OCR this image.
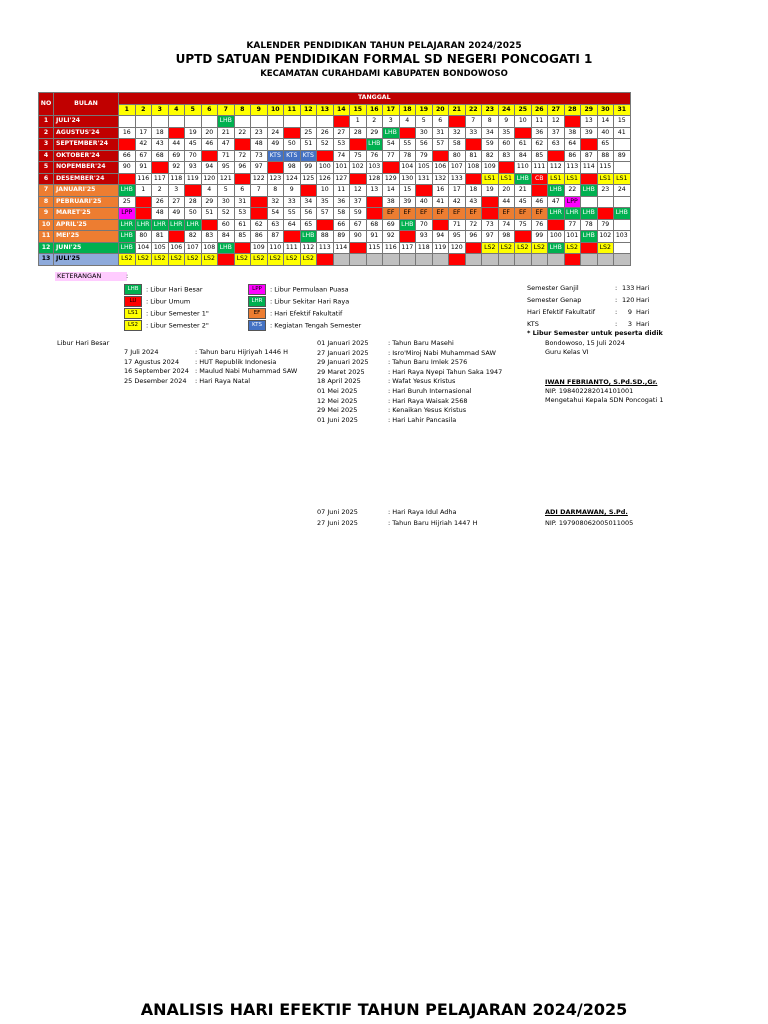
KALENDER PENDIDIKAN TAHUN PELAJARAN 2024/2025
UPTD SATUAN PENDIDIKAN FORMAL SD NEGERI PONCOGATI 1
KECAMATAN CURAHDAMI KABUPATEN BONDOWOSO
NO	BULAN	TANGGAL																														
		1	2	3	4	5	6	7	8	9	10	11	12	13	14	15	16	17	18	19	20	21	22	23	24	25	26	27	28	29	30	31
1	JULI'24							LHB							LU	1	2	3	4	5	6	LU	7	8	9	10	11	12	LU	13	14	15
2	AGUSTUS'24	16	17	18	LU	19	20	21	22	23	24	LU	25	26	27	28	29	LHB	LU	30	31	32	33	34	35	LU	36	37	38	39	40	41
3	SEPTEMBER'24	LU	42	43	44	45	46	47	LU	48	49	50	51	52	53	LU	LHB	54	55	56	57	58	LU	59	60	61	62	63	64	LU	65	
4	OKTOBER'24	66	67	68	69	70	LU	71	72	73	KTS	KTS	KTS	LU	74	75	76	77	78	79	LU	80	81	82	83	84	85	LU	86	87	88	89
5	NOPEMBER'24	90	91	LU	92	93	94	95	96	97	LU	98	99	100	101	102	103	LU	104	105	106	107	108	109	LU	110	111	112	113	114	115	
6	DESEMBER'24	LU	116	117	118	119	120	121	LU	122	123	124	125	126	127	LU	128	129	130	131	132	133	LU	LS1	LS1	LHB	CB	LS1	LS1	LU	LS1	LS1
7	JANUARI'25	LHB	1	2	3	LU	4	5	6	7	8	9	LU	10	11	12	13	14	15	LU	16	17	18	19	20	21	LU	LHB	22	LHB	23	24
8	PEBRUARI'25	25	LU	26	27	28	29	30	31	LU	32	33	34	35	36	37	LU	38	39	40	41	42	43	LU	44	45	46	47	LPP			
9	MARET'25	LPP	LU	48	49	50	51	52	53	LU	54	55	56	57	58	59	LU	EF	EF	EF	EF	EF	EF	LU	EF	EF	EF	LHR	LHR	LHB	LU	LHB
10	APRIL'25	LHR	LHR	LHR	LHR	LHR	LU	60	61	62	63	64	65	LU	66	67	68	69	LHB	70	LU	71	72	73	74	75	76	LU	77	78	79	
11	MEI'25	LHB	80	81	LU	82	83	84	85	86	87	LU	LHB	88	89	90	91	92	LU	93	94	95	96	97	98	LU	99	100	101	LHB	102	103
12	JUNI'25	LHB	104	105	106	107	108	LHB	LU	109	110	111	112	113	114	LU	115	116	117	118	119	120	LU	LS2	LS2	LS2	LS2	LHB	LS2	LU	LS2	
13	JULI'25	LS2	LS2	LS2	LS2	LS2	LS2	LU	LS2	LS2	LS2	LS2	LS2	LU								LU							LU			
KETERANGAN	:
LHB : Libur Hari Besar
LU : Libur Umum
LS1 : Libur Semester 1"
LS2 : Libur Semester 2"
LPP : Libur Permulaan Puasa
LHR : Libur Sekitar Hari Raya
EF : Hari Efektif Fakultatif
KTS : Kegiatan Tengah Semester
Semester Ganjil	: 133 Hari
Semester Genap	: 120 Hari
Hari Efektif Fakultatif	:	9 Hari
KTS	:	3 Hari
* Libur Semester untuk peserta didik
Libur Hari Besar
7 Juli 2024	: Tahun baru Hijriyah 1446 H
17 Agustus 2024 : HUT Republik Indonesia
16 September 2024 : Maulud Nabi Muhammad SAW
25 Desember 2024 : Hari Raya Natal
01 Januari 2025	: Tahun Baru Masehi
27 Januari 2025	: Isro'Miroj Nabi Muhammad SAW
29 Januari 2025	: Tahun Baru Imlek 2576
29 Maret 2025	: Hari Raya Nyepi Tahun Saka 1947
18 April 2025	: Wafat Yesus Kristus
01 Mei 2025	: Hari Buruh Internasional
12 Mei 2025	: Hari Raya Waisak 2568
29 Mei 2025	: Kenaikan Yesus Kristus
01 Juni 2025	: Hari Lahir Pancasila
07 Juni 2025	: Hari Raya Idul Adha
27 Juni 2025	: Tahun Baru Hijriah 1447 H
Bondowoso, 15 Juli 2024
Guru Kelas VI
IWAN FEBRIANTO, S.Pd.SD.,Gr.
NIP. 198402282014101001
Mengetahui Kepala SDN Poncogati 1
ADI DARMAWAN, S.Pd.
NIP. 197908062005011005
ANALISIS HARI EFEKTIF TAHUN PELAJARAN 2024/2025
